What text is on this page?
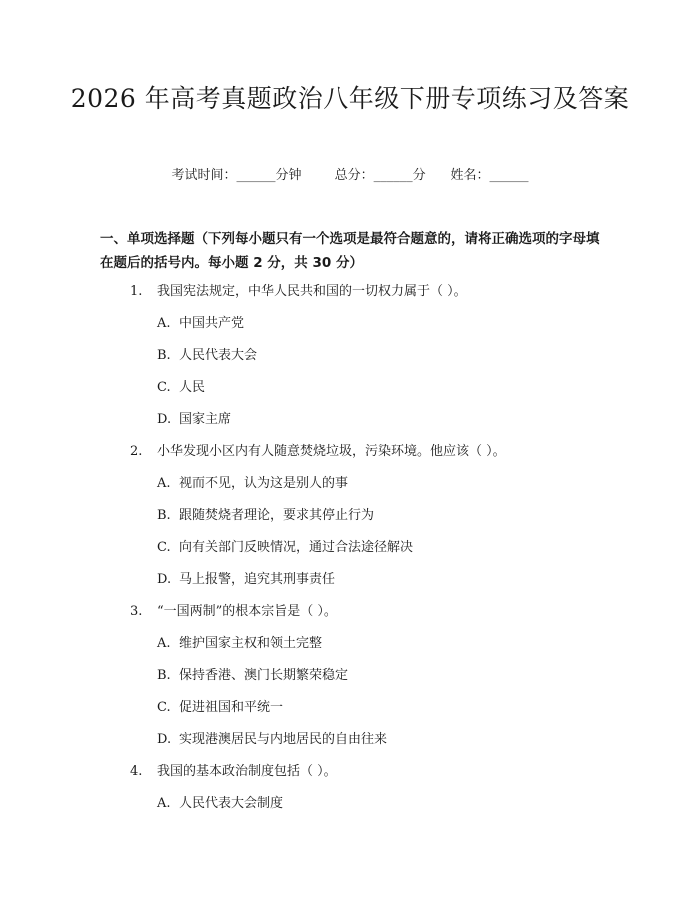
2026 年高考真题政治八年级下册专项练习及答案
考试时间：______分钟	总分：______分 姓名：______
一、单项选择题（下列每小题只有一个选项是最符合题意的，请将正确选项的字母填在题后的括号内。每小题 2 分，共 30 分）
1. 我国宪法规定，中华人民共和国的一切权力属于（ ）。
A. 中国共产党
B. 人民代表大会
C. 人民
D. 国家主席
2. 小华发现小区内有人随意焚烧垃圾，污染环境。他应该（ ）。
A. 视而不见，认为这是别人的事
B. 跟随焚烧者理论，要求其停止行为
C. 向有关部门反映情况，通过合法途径解决
D. 马上报警，追究其刑事责任
3. “一国两制”的根本宗旨是（ ）。
A. 维护国家主权和领土完整
B. 保持香港、澳门长期繁荣稳定
C. 促进祖国和平统一
D. 实现港澳居民与内地居民的自由往来
4. 我国的基本政治制度包括（ ）。
A. 人民代表大会制度
